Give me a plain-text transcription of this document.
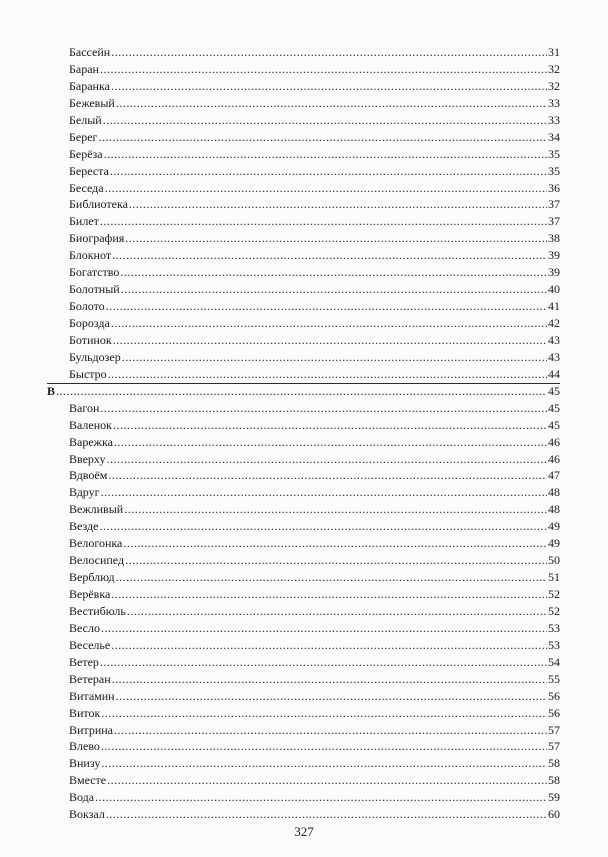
Бассейн .....	31
Баран .....	32
Баранка .....	32
Бежевый .....	33
Белый .....	33
Берег .....	34
Берёза .....	35
Береста .....	35
Беседа .....	36
Библиотека .....	37
Билет .....	37
Биография .....	38
Блокнот .....	39
Богатство .....	39
Болотный .....	40
Болото .....	41
Борозда .....	42
Ботинок .....	43
Бульдозер .....	43
Быстро .....	44
В .....	45
Вагон .....	45
Валенок .....	45
Варежка .....	46
Вверху .....	46
Вдвоём .....	47
Вдруг .....	48
Вежливый .....	48
Везде .....	49
Велогонка .....	49
Велосипед .....	50
Верблюд .....	51
Верёвка .....	52
Вестибюль .....	52
Весло .....	53
Веселье .....	53
Ветер .....	54
Ветеран .....	55
Витамин .....	56
Виток .....	56
Витрина .....	57
Влево .....	57
Внизу .....	58
Вместе .....	58
Вода .....	59
Вокзал .....	60
327
